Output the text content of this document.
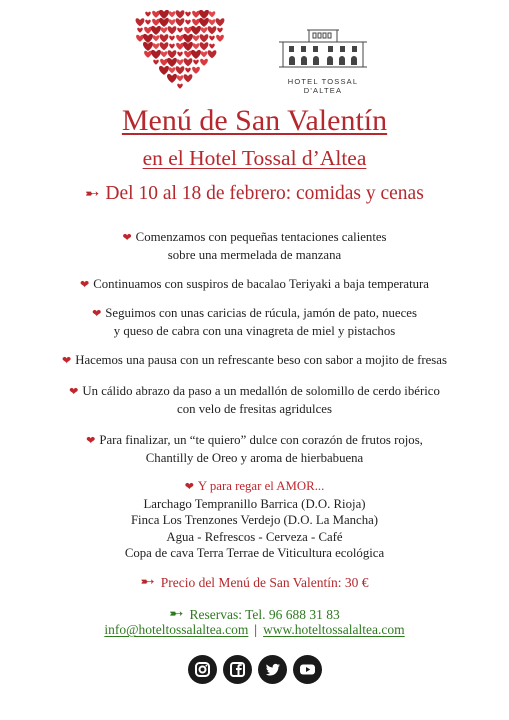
HOTEL TOSSAL D'ALTEA
Menú de San Valentín
en el Hotel Tossal d’Altea
➸ Del 10 al 18 de febrero: comidas y cenas
❤ Comenzamos con pequeñas tentaciones calientes
sobre una mermelada de manzana
❤ Continuamos con suspiros de bacalao Teriyaki a baja temperatura
❤ Seguimos con unas caricias de rúcula, jamón de pato, nueces
y queso de cabra con una vinagreta de miel y pistachos
❤ Hacemos una pausa con un refrescante beso con sabor a mojito de fresas
❤ Un cálido abrazo da paso a un medallón de solomillo de cerdo ibérico
con velo de fresitas agridulces
❤ Para finalizar, un “te quiero” dulce con corazón de frutos rojos,
Chantilly de Oreo y aroma de hierbabuena
❤ Y para regar el AMOR...
Larchago Tempranillo Barrica (D.O. Rioja)
Finca Los Trenzones Verdejo (D.O. La Mancha)
Agua - Refrescos - Cerveza - Café
Copa de cava Terra Terrae de Viticultura ecológica
➸ Precio del Menú de San Valentín: 30 €
➸ Reservas: Tel. 96 688 31 83
info@hoteltossalaltea.com | www.hoteltossalaltea.com
